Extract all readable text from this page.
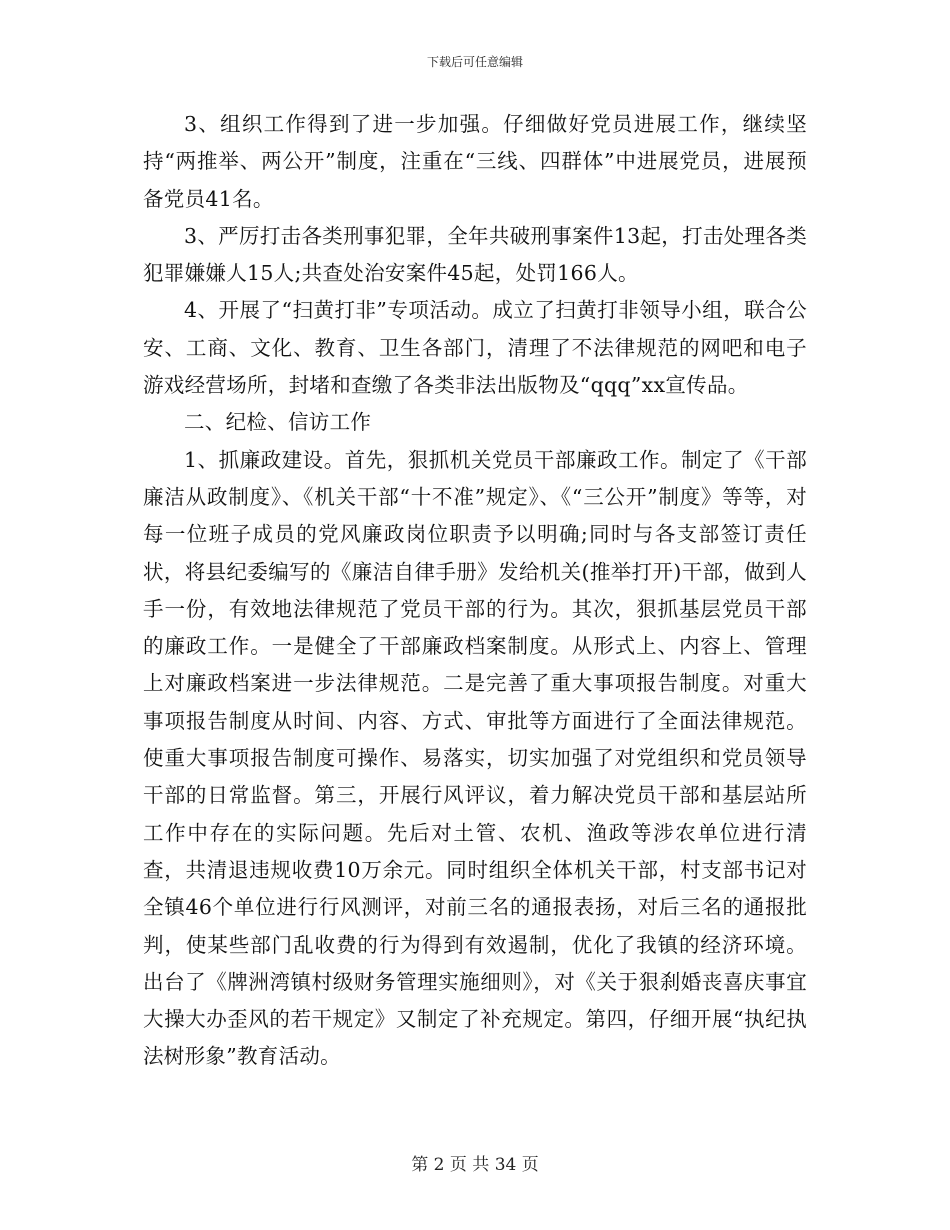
下载后可任意编辑

3、组织工作得到了进一步加强。仔细做好党员进展工作，继续坚持“两推举、两公开”制度，注重在“三线、四群体”中进展党员，进展预备党员41名。

3、严厉打击各类刑事犯罪，全年共破刑事案件13起，打击处理各类犯罪嫌嫌人15人;共查处治安案件45起，处罚166人。

4、开展了“扫黄打非”专项活动。成立了扫黄打非领导小组，联合公安、工商、文化、教育、卫生各部门，清理了不法律规范的网吧和电子游戏经营场所，封堵和查缴了各类非法出版物及“qqq”xx宣传品。

二、纪检、信访工作

1、抓廉政建设。首先，狠抓机关党员干部廉政工作。制定了《干部廉洁从政制度》、《机关干部“十不准”规定》、《“三公开”制度》等等，对每一位班子成员的党风廉政岗位职责予以明确;同时与各支部签订责任状，将县纪委编写的《廉洁自律手册》发给机关(推举打开)干部，做到人手一份，有效地法律规范了党员干部的行为。其次，狠抓基层党员干部的廉政工作。一是健全了干部廉政档案制度。从形式上、内容上、管理上对廉政档案进一步法律规范。二是完善了重大事项报告制度。对重大事项报告制度从时间、内容、方式、审批等方面进行了全面法律规范。使重大事项报告制度可操作、易落实，切实加强了对党组织和党员领导干部的日常监督。第三，开展行风评议，着力解决党员干部和基层站所工作中存在的实际问题。先后对土管、农机、渔政等涉农单位进行清查，共清退违规收费10万余元。同时组织全体机关干部，村支部书记对全镇46个单位进行行风测评，对前三名的通报表扬，对后三名的通报批判，使某些部门乱收费的行为得到有效遏制，优化了我镇的经济环境。出台了《牌洲湾镇村级财务管理实施细则》，对《关于狠刹婚丧喜庆事宜大操大办歪风的若干规定》又制定了补充规定。第四，仔细开展“执纪执法树形象”教育活动。

第 2 页 共 34 页
